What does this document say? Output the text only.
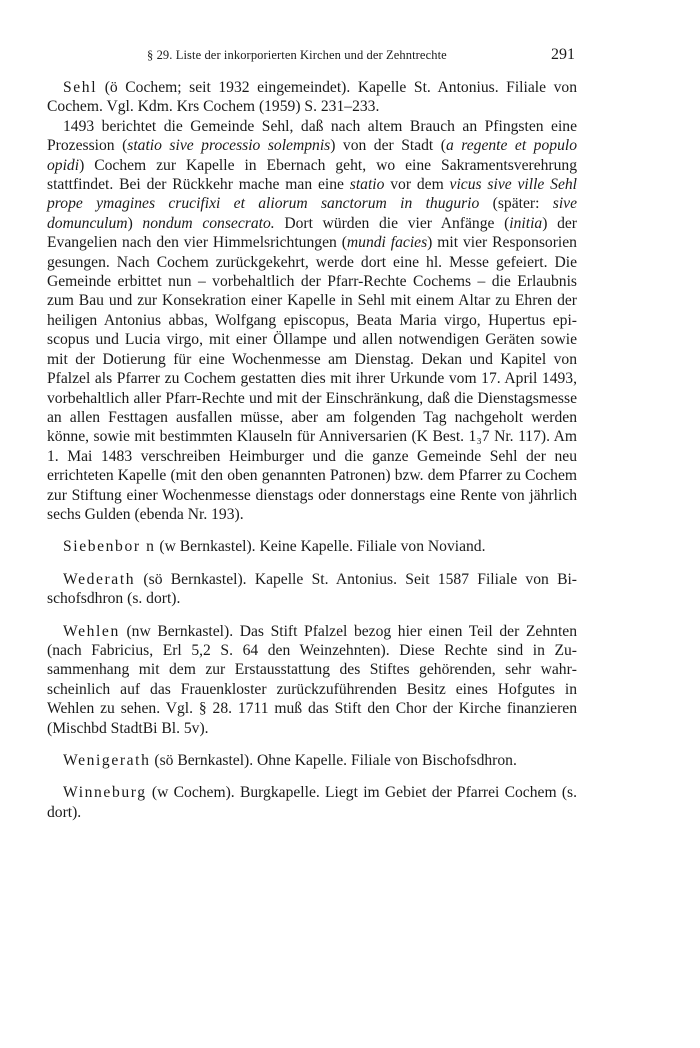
§ 29. Liste der inkorporierten Kirchen und der Zehntrechte	291

Sehl (ö Cochem; seit 1932 eingemeindet). Kapelle St. Antonius. Filiale von Cochem. Vgl. Kdm. Krs Cochem (1959) S. 231–233.

1493 berichtet die Gemeinde Sehl, daß nach altem Brauch an Pfingsten eine Prozession (statio sive processio solempnis) von der Stadt (a regente et populo opidi) Cochem zur Kapelle in Ebernach geht, wo eine Sakramentsverehrung stattfindet. Bei der Rückkehr mache man eine statio vor dem vicus sive ville Sehl prope ymagines crucifixi et aliorum sanctorum in thugurio (später: sive domunculum) nondum consecrato. Dort würden die vier Anfänge (initia) der Evangelien nach den vier Himmelsrichtungen (mundi facies) mit vier Responsorien gesungen. Nach Cochem zurückgekehrt, werde dort eine hl. Messe gefeiert. Die Gemeinde erbittet nun – vorbehaltlich der Pfarr-Rechte Cochems – die Erlaubnis zum Bau und zur Konsekration einer Kapelle in Sehl mit einem Altar zu Ehren der heiligen Antonius abbas, Wolfgang episcopus, Beata Maria virgo, Hupertus episcopus und Lucia virgo, mit einer Öllampe und allen notwendigen Geräten sowie mit der Dotierung für eine Wochenmesse am Dienstag. Dekan und Kapitel von Pfalzel als Pfarrer zu Cochem gestatten dies mit ihrer Urkunde vom 17. April 1493, vorbehaltlich aller Pfarr-Rechte und mit der Einschränkung, daß die Dienstagsmesse an allen Festtagen ausfallen müsse, aber am folgenden Tag nachgeholt werden könne, sowie mit bestimmten Klauseln für Anniversarien (K Best. 1₃7 Nr. 117). Am 1. Mai 1483 verschreiben Heimburger und die ganze Gemeinde Sehl der neu errichteten Kapelle (mit den oben genannten Patronen) bzw. dem Pfarrer zu Cochem zur Stiftung einer Wochenmesse dienstags oder donnerstags eine Rente von jährlich sechs Gulden (ebenda Nr. 193).

Siebenbor n (w Bernkastel). Keine Kapelle. Filiale von Noviand.

Wederath (sö Bernkastel). Kapelle St. Antonius. Seit 1587 Filiale von Bischofsdhron (s. dort).

Wehlen (nw Bernkastel). Das Stift Pfalzel bezog hier einen Teil der Zehnten (nach Fabricius, Erl 5,2 S. 64 den Weinzehnten). Diese Rechte sind in Zusammenhang mit dem zur Erstausstattung des Stiftes gehörenden, sehr wahrscheinlich auf das Frauenkloster zurückzuführenden Besitz eines Hofgutes in Wehlen zu sehen. Vgl. § 28. 1711 muß das Stift den Chor der Kirche finanzieren (Mischbd StadtBi Bl. 5v).

Wenigerath (sö Bernkastel). Ohne Kapelle. Filiale von Bischofsdhron.

Winneburg (w Cochem). Burgkapelle. Liegt im Gebiet der Pfarrei Cochem (s. dort).
